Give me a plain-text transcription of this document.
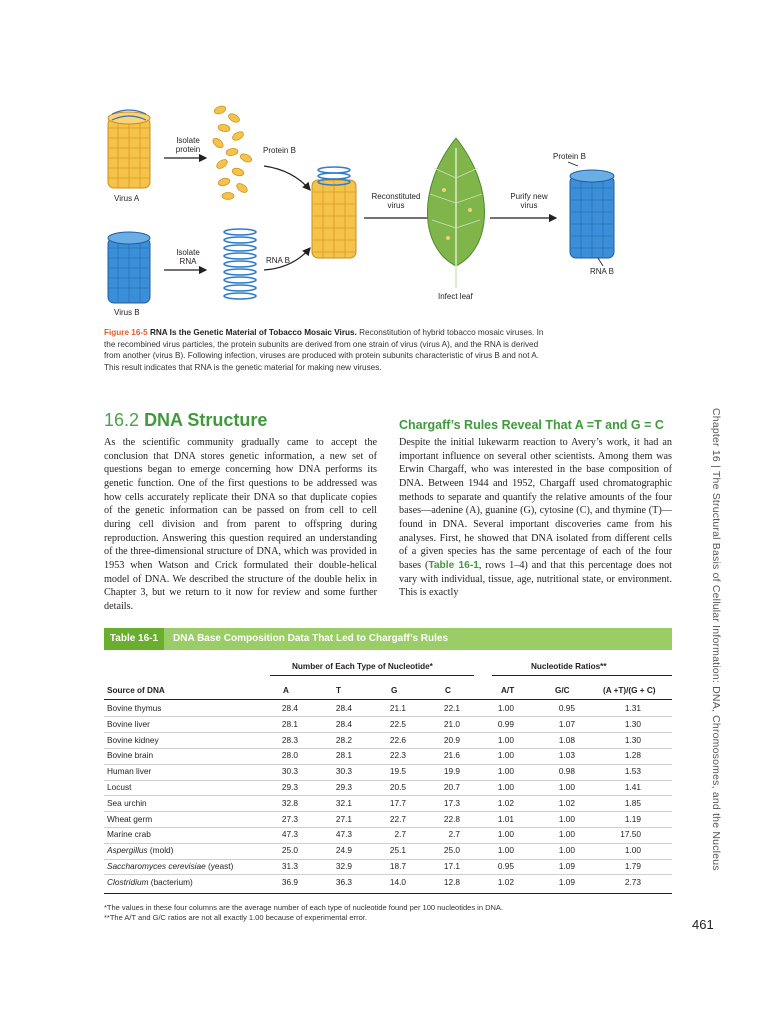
Isolate
protein	Protein B
Virus A
Isolate
RNA	RNA B
Virus B
Reconstituted
virus
Purify new
virus
Infect leaf
Protein B
RNA B
Figure 16-5 RNA Is the Genetic Material of Tobacco Mosaic Virus. Reconstitution of hybrid tobacco mosaic viruses. In the recombined virus particles, the protein subunits are derived from one strain of virus (virus A), and the RNA is derived from another (virus B). Following infection, viruses are produced with protein subunits characteristic of virus B and not A. This result indicates that RNA is the genetic material for making new viruses.
16.2 DNA Structure
As the scientific community gradually came to accept the conclusion that DNA stores genetic information, a new set of questions began to emerge concerning how DNA performs its genetic function. One of the first questions to be addressed was how cells accurately replicate their DNA so that duplicate copies of the genetic information can be passed on from cell to cell during cell division and from parent to offspring during reproduction. Answering this question required an understanding of the three-dimensional structure of DNA, which was provided in 1953 when Watson and Crick formulated their double-helical model of DNA. We described the structure of the double helix in Chapter 3, but we return to it now for review and some further details.
Chargaff’s Rules Reveal That A =T and G = C
Despite the initial lukewarm reaction to Avery’s work, it had an important influence on several other scientists. Among them was Erwin Chargaff, who was interested in the base composition of DNA. Between 1944 and 1952, Chargaff used chromatographic methods to separate and quantify the relative amounts of the four bases—adenine (A), guanine (G), cytosine (C), and thymine (T)—found in DNA. Several important discoveries came from his analyses. First, he showed that DNA isolated from different cells of a given species has the same percentage of each of the four bases (Table 16-1, rows 1–4) and that this percentage does not vary with individual, tissue, age, nutritional state, or environment. This is exactly	Chapter 16 | The Structural Basis of Cellular Information: DNA, Chromosomes, and the Nucleus
Table 16-1	DNA Base Composition Data That Led to Chargaff’s Rules
Number of Each Type of Nucleotide*	Nucleotide Ratios**
Source of DNA	A	T	G	C	A/T	G/C	(A +T)/(G + C)
Bovine thymus	28.4	28.4	21.1	22.1	1.00	0.95	1.31
Bovine liver	28.1	28.4	22.5	21.0	0.99	1.07	1.30
Bovine kidney	28.3	28.2	22.6	20.9	1.00	1.08	1.30
Bovine brain	28.0	28.1	22.3	21.6	1.00	1.03	1.28
Human liver	30.3	30.3	19.5	19.9	1.00	0.98	1.53
Locust	29.3	29.3	20.5	20.7	1.00	1.00	1.41
Sea urchin	32.8	32.1	17.7	17.3	1.02	1.02	1.85
Wheat germ	27.3	27.1	22.7	22.8	1.01	1.00	1.19
Marine crab	47.3	47.3	2.7	2.7	1.00	1.00	17.50
Aspergillus (mold)	25.0	24.9	25.1	25.0	1.00	1.00	1.00
Saccharomyces cerevisiae (yeast)	31.3	32.9	18.7	17.1	0.95	1.09	1.79
Clostridium (bacterium)	36.9	36.3	14.0	12.8	1.02	1.09	2.73
*The values in these four columns are the average number of each type of nucleotide found per 100 nucleotides in DNA.
**The A/T and G/C ratios are not all exactly 1.00 because of experimental error.	461
